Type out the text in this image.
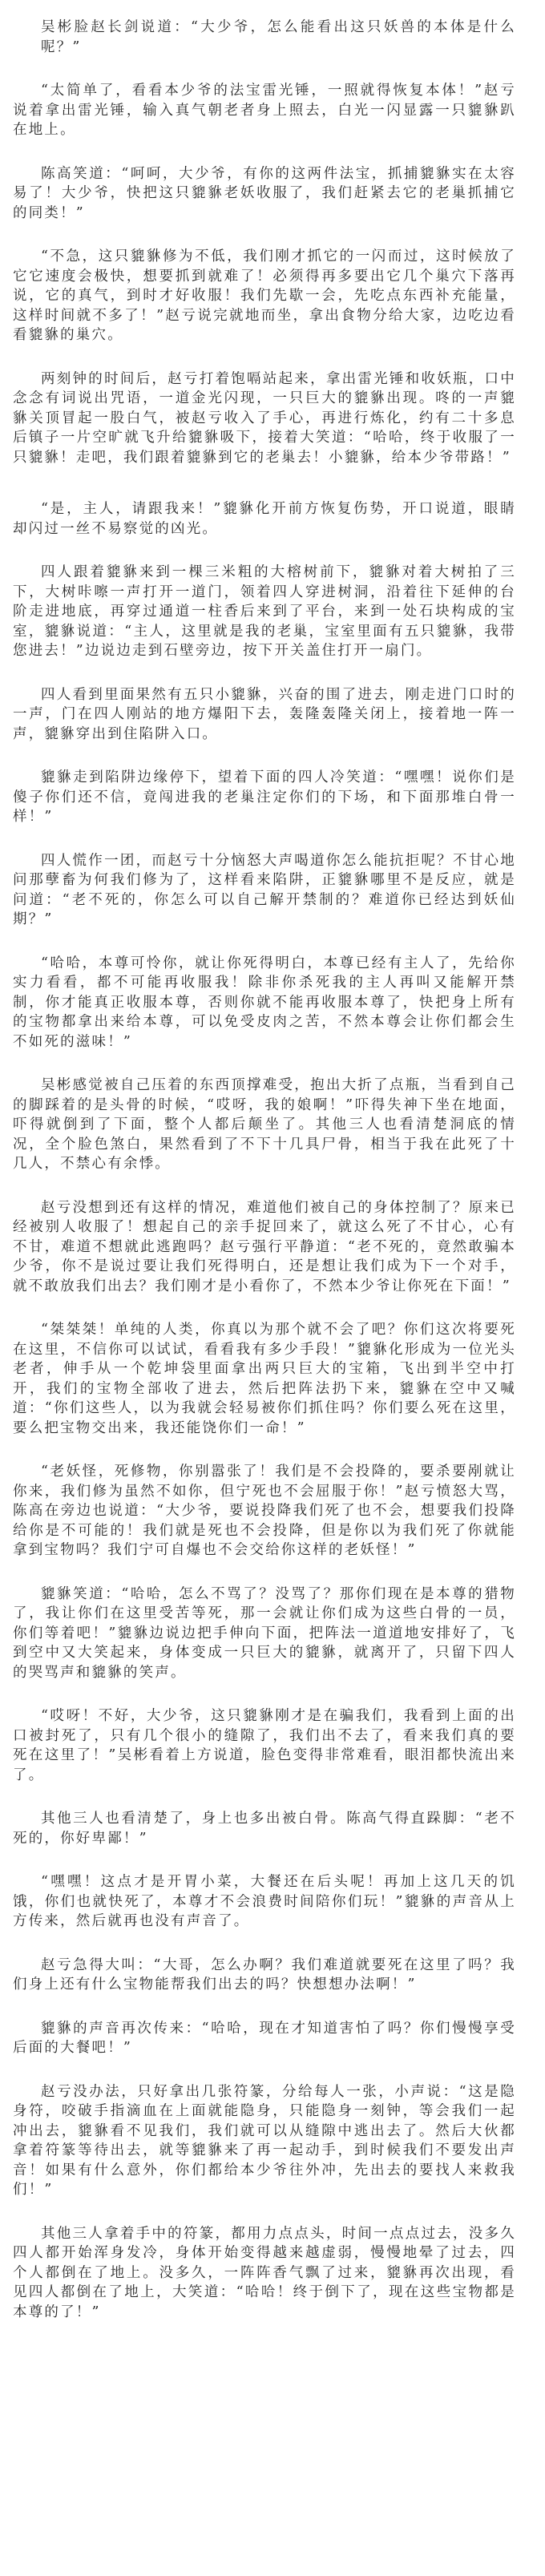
吴彬脸赵长剑说道：“大少爷，怎么能看出这只妖兽的本体是什么呢？”

“太简单了，看看本少爷的法宝雷光锤，一照就得恢复本体！”赵亏说着拿出雷光锤，输入真气朝老者身上照去，白光一闪显露一只貔貅趴在地上。

陈高笑道：“呵呵，大少爷，有你的这两件法宝，抓捕貔貅实在太容易了！大少爷，快把这只貔貅老妖收服了，我们赶紧去它的老巢抓捕它的同类！”

“不急，这只貔貅修为不低，我们刚才抓它的一闪而过，这时候放了它它速度会极快，想要抓到就难了！必须得再多要出它几个巢穴下落再说，它的真气，到时才好收服！我们先歇一会，先吃点东西补充能量，这样时间就不多了！”赵亏说完就地而坐，拿出食物分给大家，边吃边看看貔貅的巢穴。

两刻钟的时间后，赵亏打着饱嗝站起来，拿出雷光锤和收妖瓶，口中念念有词说出咒语，一道金光闪现，一只巨大的貔貅出现。咚的一声貔貅关顶冒起一股白气，被赵亏收入了手心，再进行炼化，约有二十多息后镇子一片空旷就飞升给貔貅吸下，接着大笑道：“哈哈，终于收服了一只貔貅！走吧，我们跟着貔貅到它的老巢去！小貔貅，给本少爷带路！”

“是，主人，请跟我来！”貔貅化开前方恢复伤势，开口说道，眼睛却闪过一丝不易察觉的凶光。

四人跟着貔貅来到一棵三米粗的大榕树前下，貔貅对着大树拍了三下，大树咔嚓一声打开一道门，领着四人穿进树洞，沿着往下延伸的台阶走进地底，再穿过通道一柱香后来到了平台，来到一处石块构成的宝室，貔貅说道：“主人，这里就是我的老巢，宝室里面有五只貔貅，我带您进去！”边说边走到石壁旁边，按下开关盖住打开一扇门。

四人看到里面果然有五只小貔貅，兴奋的围了进去，刚走进门口时的一声，门在四人刚站的地方爆阳下去，轰隆轰隆关闭上，接着地一阵一声，貔貅穿出到住陷阱入口。

貔貅走到陷阱边缘停下，望着下面的四人冷笑道：“嘿嘿！说你们是傻子你们还不信，竟闯进我的老巢注定你们的下场，和下面那堆白骨一样！”

四人慌作一团，而赵亏十分恼怒大声喝道你怎么能抗拒呢？不甘心地问那孽畜为何我们修为了，这样看来陷阱，正貔貅哪里不是反应，就是问道：“老不死的，你怎么可以自己解开禁制的？难道你已经达到妖仙期？”

“哈哈，本尊可怜你，就让你死得明白，本尊已经有主人了，先给你实力看看，都不可能再收服我！除非你杀死我的主人再叫又能解开禁制，你才能真正收服本尊，否则你就不能再收服本尊了，快把身上所有的宝物都拿出来给本尊，可以免受皮肉之苦，不然本尊会让你们都会生不如死的滋味！”

吴彬感觉被自己压着的东西顶撑难受，抱出大折了点瓶，当看到自己的脚踩着的是头骨的时候，“哎呀，我的娘啊！”吓得失神下坐在地面，吓得就倒到了下面，整个人都后颠坐了。其他三人也看清楚洞底的情况，全个脸色煞白，果然看到了不下十几具尸骨，相当于我在此死了十几人，不禁心有余悸。

赵亏没想到还有这样的情况，难道他们被自己的身体控制了？原来已经被别人收服了！想起自己的亲手捉回来了，就这么死了不甘心，心有不甘，难道不想就此逃跑吗？赵亏强行平静道：“老不死的，竟然敢骗本少爷，你不是说过要让我们死得明白，还是想让我们成为下一个对手，就不敢放我们出去？我们刚才是小看你了，不然本少爷让你死在下面！”

“桀桀桀！单纯的人类，你真以为那个就不会了吧？你们这次将要死在这里，不信你可以试试，看看我有多少手段！”貔貅化形成为一位光头老者，伸手从一个乾坤袋里面拿出两只巨大的宝箱，飞出到半空中打开，我们的宝物全部收了进去，然后把阵法扔下来，貔貅在空中又喊道：“你们这些人，以为我就会轻易被你们抓住吗？你们要么死在这里，要么把宝物交出来，我还能饶你们一命！”

“老妖怪，死修物，你别嚣张了！我们是不会投降的，要杀要剐就让你来，我们修为虽然不如你，但宁死也不会屈服于你！”赵亏愤怒大骂，陈高在旁边也说道：“大少爷，要说投降我们死了也不会，想要我们投降给你是不可能的！我们就是死也不会投降，但是你以为我们死了你就能拿到宝物吗？我们宁可自爆也不会交给你这样的老妖怪！”

貔貅笑道：“哈哈，怎么不骂了？没骂了？那你们现在是本尊的猎物了，我让你们在这里受苦等死，那一会就让你们成为这些白骨的一员，你们等着吧！”貔貅边说边把手伸向下面，把阵法一道道地安排好了，飞到空中又大笑起来，身体变成一只巨大的貔貅，就离开了，只留下四人的哭骂声和貔貅的笑声。

“哎呀！不好，大少爷，这只貔貅刚才是在骗我们，我看到上面的出口被封死了，只有几个很小的缝隙了，我们出不去了，看来我们真的要死在这里了！”吴彬看着上方说道，脸色变得非常难看，眼泪都快流出来了。

其他三人也看清楚了，身上也多出被白骨。陈高气得直跺脚：“老不死的，你好卑鄙！”

“嘿嘿！这点才是开胃小菜，大餐还在后头呢！再加上这几天的饥饿，你们也就快死了，本尊才不会浪费时间陪你们玩！”貔貅的声音从上方传来，然后就再也没有声音了。

赵亏急得大叫：“大哥，怎么办啊？我们难道就要死在这里了吗？我们身上还有什么宝物能帮我们出去的吗？快想想办法啊！”

貔貅的声音再次传来：“哈哈，现在才知道害怕了吗？你们慢慢享受后面的大餐吧！”

赵亏没办法，只好拿出几张符篆，分给每人一张，小声说：“这是隐身符，咬破手指滴血在上面就能隐身，只能隐身一刻钟，等会我们一起冲出去，貔貅看不见我们，我们就可以从缝隙中逃出去了。然后大伙都拿着符篆等待出去，就等貔貅来了再一起动手，到时候我们不要发出声音！如果有什么意外，你们都给本少爷往外冲，先出去的要找人来救我们！”

其他三人拿着手中的符篆，都用力点点头，时间一点点过去，没多久四人都开始浑身发冷，身体开始变得越来越虚弱，慢慢地晕了过去，四个人都倒在了地上。没多久，一阵阵香气飘了过来，貔貅再次出现，看见四人都倒在了地上，大笑道：“哈哈！终于倒下了，现在这些宝物都是本尊的了！”
